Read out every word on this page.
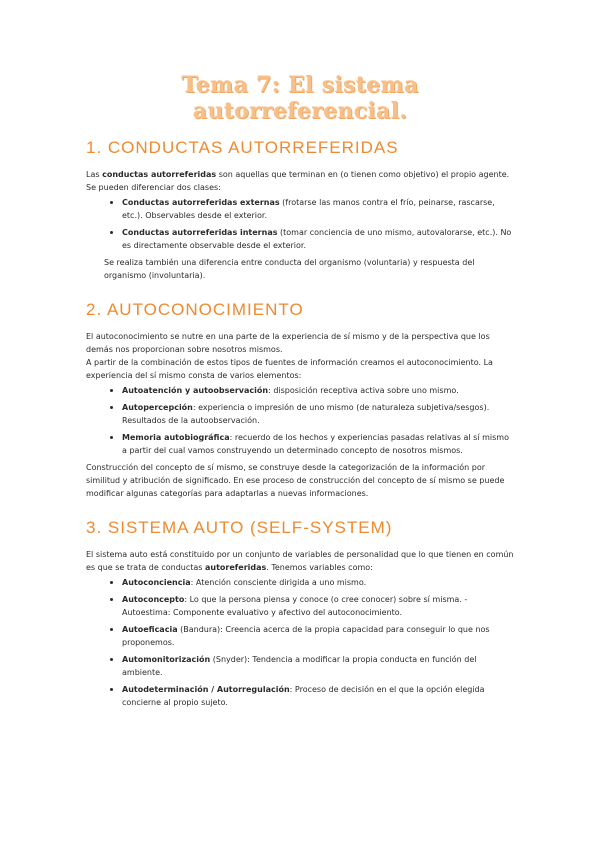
Tema 7: El sistema autorreferencial.
1. CONDUCTAS AUTORREFERIDAS

Las conductas autorreferidas son aquellas que terminan en (o tienen como objetivo) el propio agente. Se pueden diferenciar dos clases:

• Conductas autorreferidas externas (frotarse las manos contra el frío, peinarse, rascarse, etc.). Observables desde el exterior.
• Conductas autorreferidas internas (tomar conciencia de uno mismo, autovalorarse, etc.). No es directamente observable desde el exterior.

Se realiza también una diferencia entre conducta del organismo (voluntaria) y respuesta del organismo (involuntaria).

2. AUTOCONOCIMIENTO

El autoconocimiento se nutre en una parte de la experiencia de sí mismo y de la perspectiva que los demás nos proporcionan sobre nosotros mismos.

A partir de la combinación de estos tipos de fuentes de información creamos el autoconocimiento. La experiencia del sí mismo consta de varios elementos:

• Autoatención y autoobservación: disposición receptiva activa sobre uno mismo.
• Autopercepción: experiencia o impresión de uno mismo (de naturaleza subjetiva/sesgos). Resultados de la autoobservación.
• Memoria autobiográfica: recuerdo de los hechos y experiencias pasadas relativas al sí mismo a partir del cual vamos construyendo un determinado concepto de nosotros mismos.

Construcción del concepto de sí mismo, se construye desde la categorización de la información por similitud y atribución de significado. En ese proceso de construcción del concepto de sí mismo se puede modificar algunas categorías para adaptarlas a nuevas informaciones.

3. SISTEMA AUTO (SELF-SYSTEM)

El sistema auto está constituido por un conjunto de variables de personalidad que lo que tienen en común es que se trata de conductas autoreferidas. Tenemos variables como:

• Autoconciencia: Atención consciente dirigida a uno mismo.
• Autoconcepto: Lo que la persona piensa y conoce (o cree conocer) sobre sí misma. - Autoestima: Componente evaluativo y afectivo del autoconocimiento.
• Autoeficacia (Bandura): Creencia acerca de la propia capacidad para conseguir lo que nos proponemos.
• Automonitorización (Snyder): Tendencia a modificar la propia conducta en función del ambiente.
• Autodeterminación / Autorregulación: Proceso de decisión en el que la opción elegida concierne al propio sujeto.
